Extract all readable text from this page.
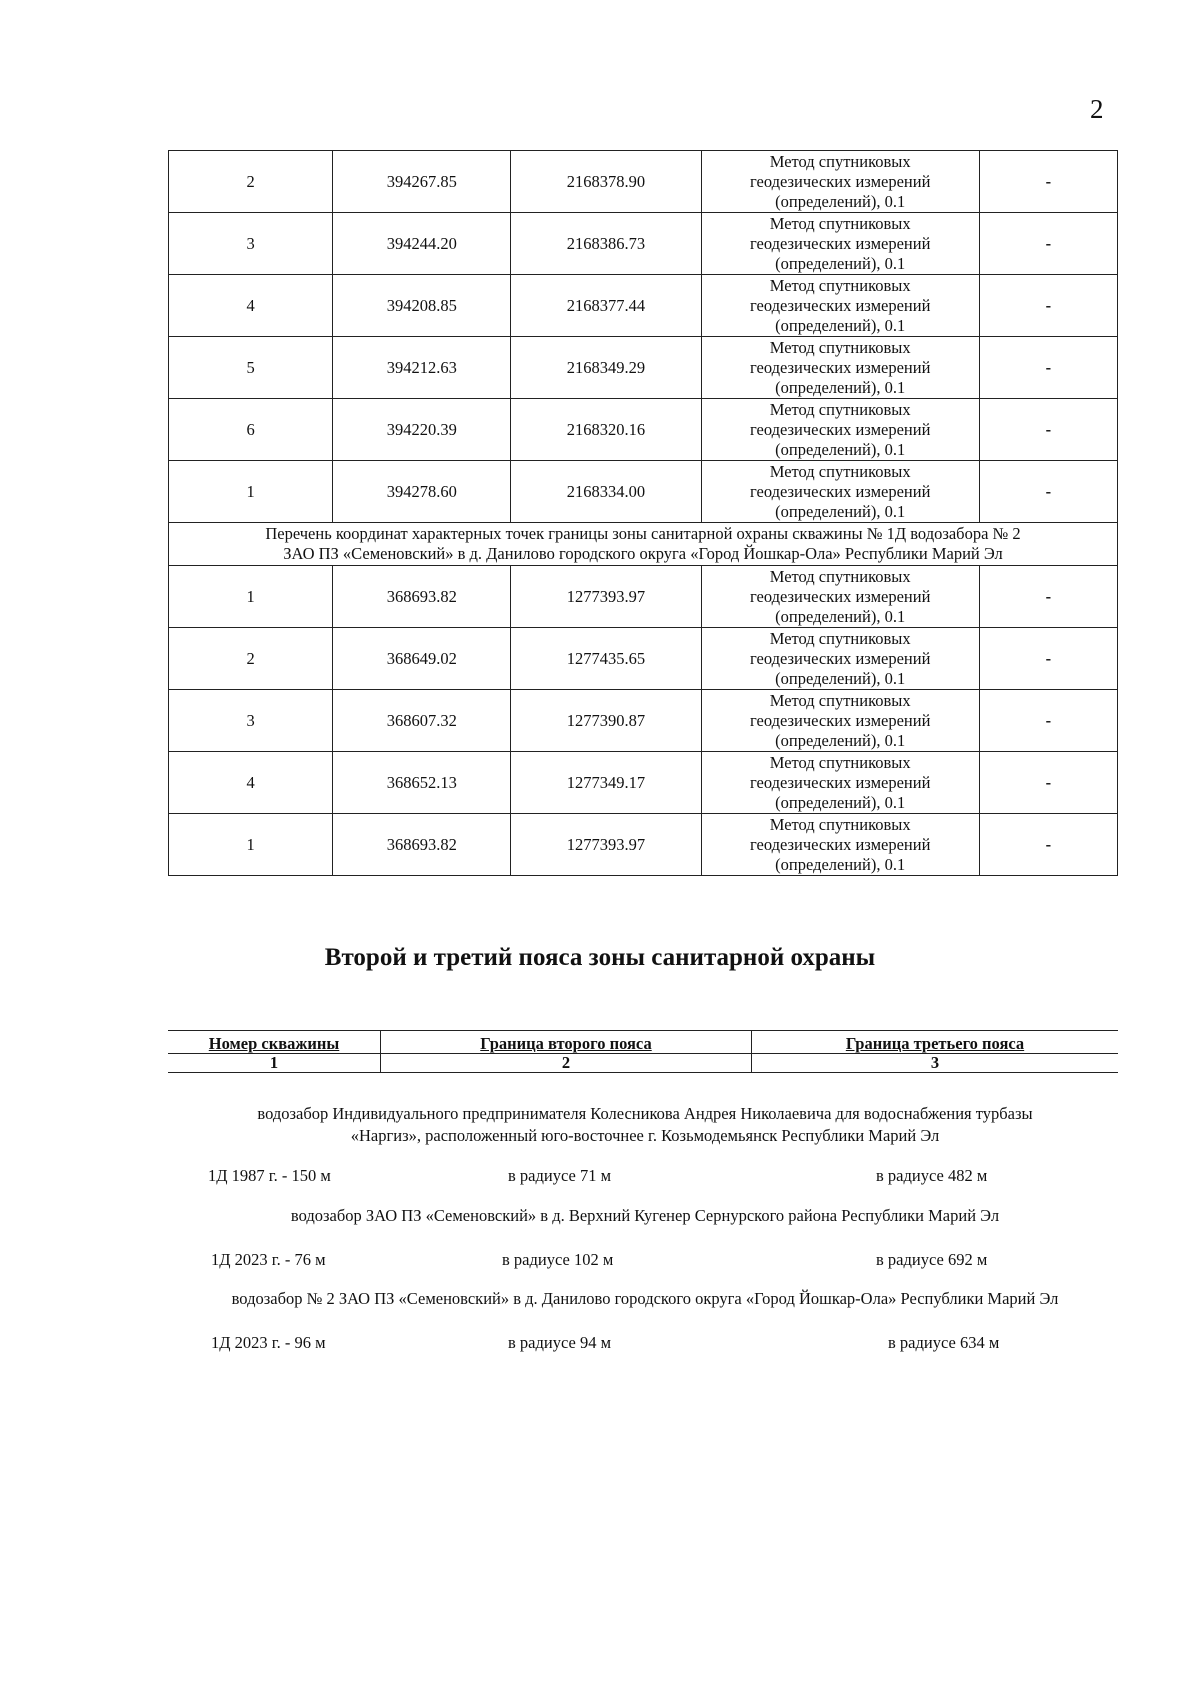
2
2	394267.85	2168378.90	Метод спутниковых
геодезических измерений
(определений), 0.1	-
3	394244.20	2168386.73	Метод спутниковых
геодезических измерений
(определений), 0.1	-
4	394208.85	2168377.44	Метод спутниковых
геодезических измерений
(определений), 0.1	-
5	394212.63	2168349.29	Метод спутниковых
геодезических измерений
(определений), 0.1	-
6	394220.39	2168320.16	Метод спутниковых
геодезических измерений
(определений), 0.1	-
1	394278.60	2168334.00	Метод спутниковых
геодезических измерений
(определений), 0.1	-

Перечень координат характерных точек границы зоны санитарной охраны скважины № 1Д водозабора № 2
ЗАО ПЗ «Семеновский» в д. Данилово городского округа «Город Йошкар-Ола» Республики Марий Эл				

1	368693.82	1277393.97	Метод спутниковых
геодезических измерений
(определений), 0.1	-
2	368649.02	1277435.65	Метод спутниковых
геодезических измерений
(определений), 0.1	-
3	368607.32	1277390.87	Метод спутниковых
геодезических измерений
(определений), 0.1	-
4	368652.13	1277349.17	Метод спутниковых
геодезических измерений
(определений), 0.1	-
1	368693.82	1277393.97	Метод спутниковых
геодезических измерений
(определений), 0.1	-
Второй и третий пояса зоны санитарной охраны
Номер скважины	Граница второго пояса	Граница третьего пояса
1	2	3
водозабор Индивидуального предпринимателя Колесникова Андрея Николаевича для водоснабжения турбазы
«Наргиз», расположенный юго-восточнее г. Козьмодемьянск Республики Марий Эл
1Д 1987 г. - 150 м	в радиусе 71 м	в радиусе 482 м
водозабор ЗАО ПЗ «Семеновский» в д. Верхний Кугенер Сернурского района Республики Марий Эл
1Д 2023 г. - 76 м	в радиусе 102 м	в радиусе 692 м
водозабор № 2 ЗАО ПЗ «Семеновский» в д. Данилово городского округа «Город Йошкар-Ола» Республики Марий Эл
1Д 2023 г. - 96 м	в радиусе 94 м	в радиусе 634 м
